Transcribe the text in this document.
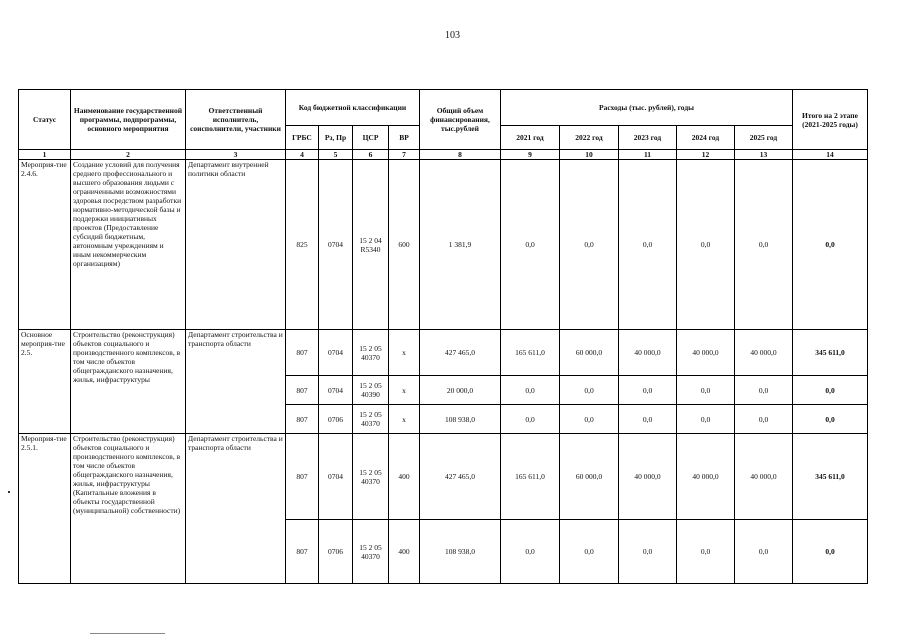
103
Статус	Наименование государственной программы, подпрограммы, основного мероприятия	Ответственный исполнитель, соисполнители, участники	Код бюджетной классификации				Общий объем финансирования, тыс.рублей	Расходы (тыс. рублей), годы					Итого на 2 этапе (2021-2025 годы)
			ГРБС	Рз, Пр	ЦСР	ВР		2021 год	2022 год	2023 год	2024 год	2025 год	
1	2	3	4	5	6	7	8	9	10	11	12	13	14
Мероприя-тие 2.4.6.	Создание условий для получения среднего профессионального и высшего образования людьми с ограниченными возможностями здоровья посредством разработки нормативно-методической базы и поддержки инициативных проектов (Предоставление субсидий бюджетным, автономным учреждениям и иным некоммерческим организациям)	Департамент внутренней политики области	825	0704	15 2 04 R5340	600	1 381,9	0,0	0,0	0,0	0,0	0,0	0,0
Основное мероприя-тие 2.5.	Строительство (реконструкция) объектов социального и производственного комплексов, в том числе объектов общегражданского назначения, жилья, инфраструктуры	Департамент строительства и транспорта области	807	0704	15 2 05 40370	х	427 465,0	165 611,0	60 000,0	40 000,0	40 000,0	40 000,0	345 611,0
			807	0704	15 2 05 40390	х	20 000,0	0,0	0,0	0,0	0,0	0,0	0,0
			807	0706	15 2 05 40370	х	108 938,0	0,0	0,0	0,0	0,0	0,0	0,0
Мероприя-тие 2.5.1.	Строительство (реконструкция) объектов социального и производственного комплексов, в том числе объектов общегражданского назначения, жилья, инфраструктуры (Капитальные вложения в объекты государственной (муниципальной) собственности)	Департамент строительства и транспорта области	807	0704	15 2 05 40370	400	427 465,0	165 611,0	60 000,0	40 000,0	40 000,0	40 000,0	345 611,0
			807	0706	15 2 05 40370	400	108 938,0	0,0	0,0	0,0	0,0	0,0	0,0
